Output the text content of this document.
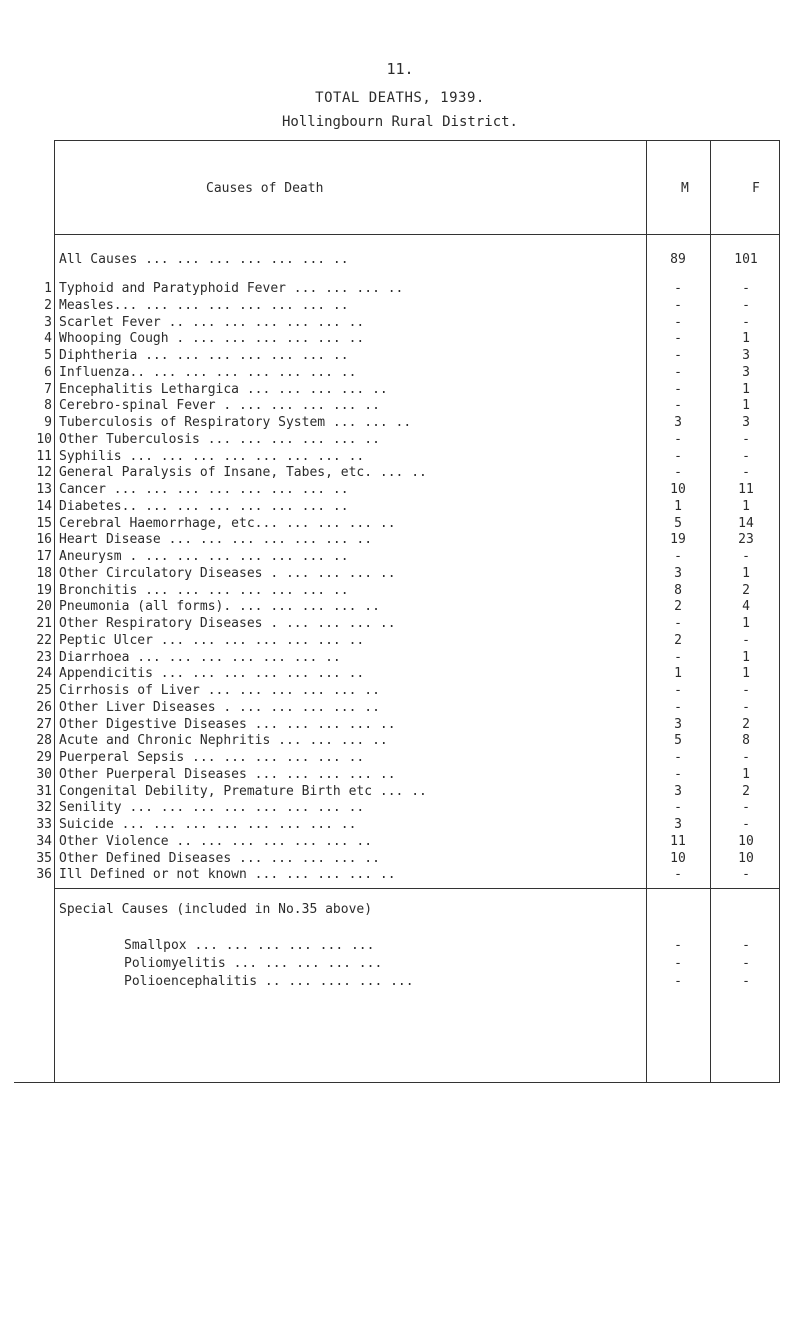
11.
TOTAL DEATHS, 1939.
Hollingbourn Rural District.
Causes of Death	M	F
All Causes ... ... ... ... ... ... ..	89	101
1 Typhoid and Paratyphoid Fever ... ... ... ..	-	-
2 Measles... ... ... ... ... ... ... ..	-	-
3 Scarlet Fever .. ... ... ... ... ... ..	-	-
4 Whooping Cough . ... ... ... ... ... ..	-	1
5 Diphtheria ... ... ... ... ... ... ..	-	3
6 Influenza.. ... ... ... ... ... ... ..	-	3
7 Encephalitis Lethargica ... ... ... ... ..	-	1
8 Cerebro-spinal Fever . ... ... ... ... ..	-	1
9 Tuberculosis of Respiratory System ... ... ..	3	3
10 Other Tuberculosis ... ... ... ... ... ..	-	-
11 Syphilis ... ... ... ... ... ... ... ..	-	-
12 General Paralysis of Insane, Tabes, etc. ... ..	-	-
13 Cancer ... ... ... ... ... ... ... ..	10	11
14 Diabetes.. ... ... ... ... ... ... ..	1	1
15 Cerebral Haemorrhage, etc... ... ... ... ..	5	14
16 Heart Disease ... ... ... ... ... ... ..	19	23
17 Aneurysm . ... ... ... ... ... ... ..	-	-
18 Other Circulatory Diseases . ... ... ... ..	3	1
19 Bronchitis ... ... ... ... ... ... ..	8	2
20 Pneumonia (all forms). ... ... ... ... ..	2	4
21 Other Respiratory Diseases . ... ... ... ..	-	1
22 Peptic Ulcer ... ... ... ... ... ... ..	2	-
23 Diarrhoea ... ... ... ... ... ... ..	-	1
24 Appendicitis ... ... ... ... ... ... ..	1	1
25 Cirrhosis of Liver ... ... ... ... ... ..	-	-
26 Other Liver Diseases . ... ... ... ... ..	-	-
27 Other Digestive Diseases ... ... ... ... ..	3	2
28 Acute and Chronic Nephritis ... ... ... ..	5	8
29 Puerperal Sepsis ... ... ... ... ... ..	-	-
30 Other Puerperal Diseases ... ... ... ... ..	-	1
31 Congenital Debility, Premature Birth etc ... ..	3	2
32 Senility ... ... ... ... ... ... ... ..	-	-
33 Suicide ... ... ... ... ... ... ... ..	3	-
34 Other Violence .. ... ... ... ... ... ..	11	10
35 Other Defined Diseases ... ... ... ... ..	10	10
36 Ill Defined or not known ... ... ... ... ..	-	-
Special Causes (included in No.35 above)
Smallpox ... ... ... ... ... ...	-	-
Poliomyelitis ... ... ... ... ...	-	-
Polioencephalitis .. ... .... ... ...	-	-
